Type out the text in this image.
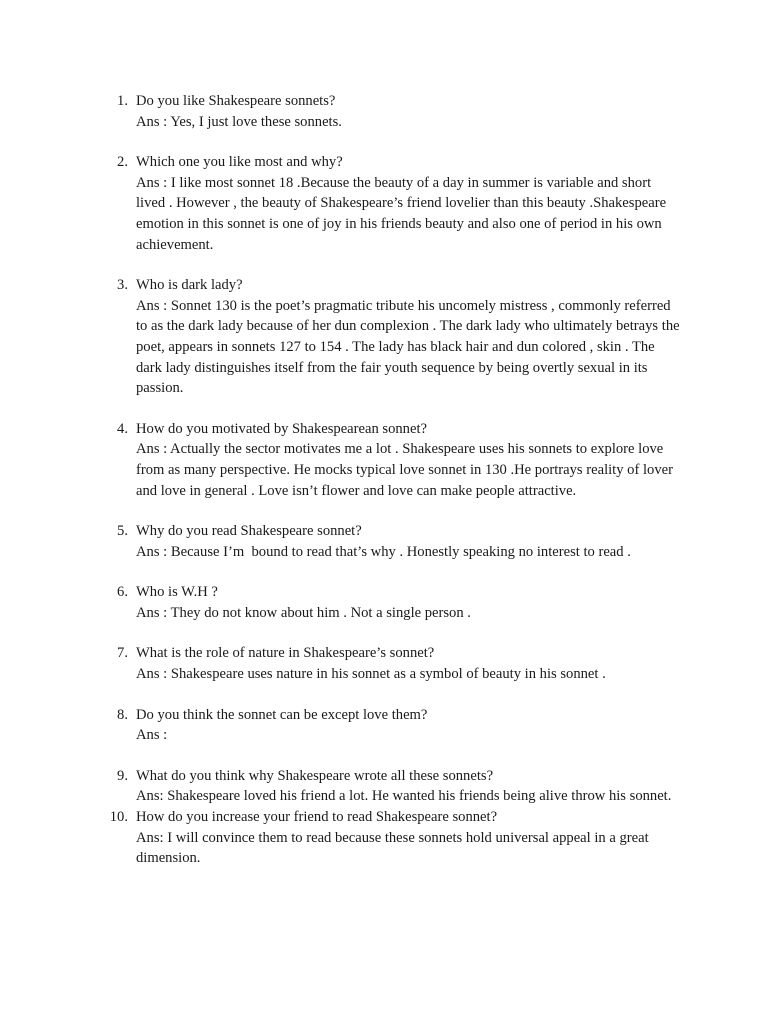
1. Do you like Shakespeare sonnets?
Ans : Yes, I just love these sonnets.
2. Which one you like most and why?
Ans : I like most sonnet 18 .Because the beauty of a day in summer is variable and short lived . However , the beauty of Shakespeare’s friend lovelier than this beauty .Shakespeare emotion in this sonnet is one of joy in his friends beauty and also one of period in his own achievement.
3. Who is dark lady?
Ans : Sonnet 130 is the poet’s pragmatic tribute his uncomely mistress , commonly referred to as the dark lady because of her dun complexion . The dark lady who ultimately betrays the poet, appears in sonnets 127 to 154 . The lady has black hair and dun colored , skin . The dark lady distinguishes itself from the fair youth sequence by being overtly sexual in its passion.
4. How do you motivated by Shakespearean sonnet?
Ans : Actually the sector motivates me a lot . Shakespeare uses his sonnets to explore love from as many perspective. He mocks typical love sonnet in 130 .He portrays reality of lover and love in general . Love isn’t flower and love can make people attractive.
5. Why do you read Shakespeare sonnet?
Ans : Because I’m  bound to read that’s why . Honestly speaking no interest to read .
6. Who is W.H ?
Ans : They do not know about him . Not a single person .
7. What is the role of nature in Shakespeare’s sonnet?
Ans : Shakespeare uses nature in his sonnet as a symbol of beauty in his sonnet .
8. Do you think the sonnet can be except love them?
Ans :
9. What do you think why Shakespeare wrote all these sonnets?
Ans: Shakespeare loved his friend a lot. He wanted his friends being alive throw his sonnet.
10. How do you increase your friend to read Shakespeare sonnet?
Ans: I will convince them to read because these sonnets hold universal appeal in a great dimension.
